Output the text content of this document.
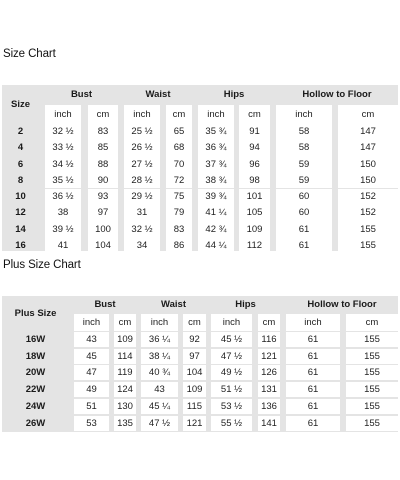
Size Chart
Size
Bust	Waist	Hips	Hollow to Floor
inch	cm	inch	cm	inch	cm	inch	cm
2	32 ½	83	25 ½	65	35 ¾	91	58	147
4	33 ½	85	26 ½	68	36 ¾	94	58	147
6	34 ½	88	27 ½	70	37 ¾	96	59	150
8	35 ½	90	28 ½	72	38 ¾	98	59	150
10	36 ½	93	29 ½	75	39 ¾	101	60	152
12	38	97	31	79	41 ¼	105	60	152
14	39 ½	100	32 ½	83	42 ¾	109	61	155
16	41	104	34	86	44 ¼	112	61	155
Plus Size Chart
Plus Size
Bust	Waist	Hips	Hollow to Floor
inch	cm	inch	cm	inch	cm	inch	cm
16W	43	109	36 ¼	92	45 ½	116	61	155
18W	45	114	38 ¼	97	47 ½	121	61	155
20W	47	119	40 ¾	104	49 ½	126	61	155
22W	49	124	43	109	51 ½	131	61	155
24W	51	130	45 ¼	115	53 ½	136	61	155
26W	53	135	47 ½	121	55 ½	141	61	155
